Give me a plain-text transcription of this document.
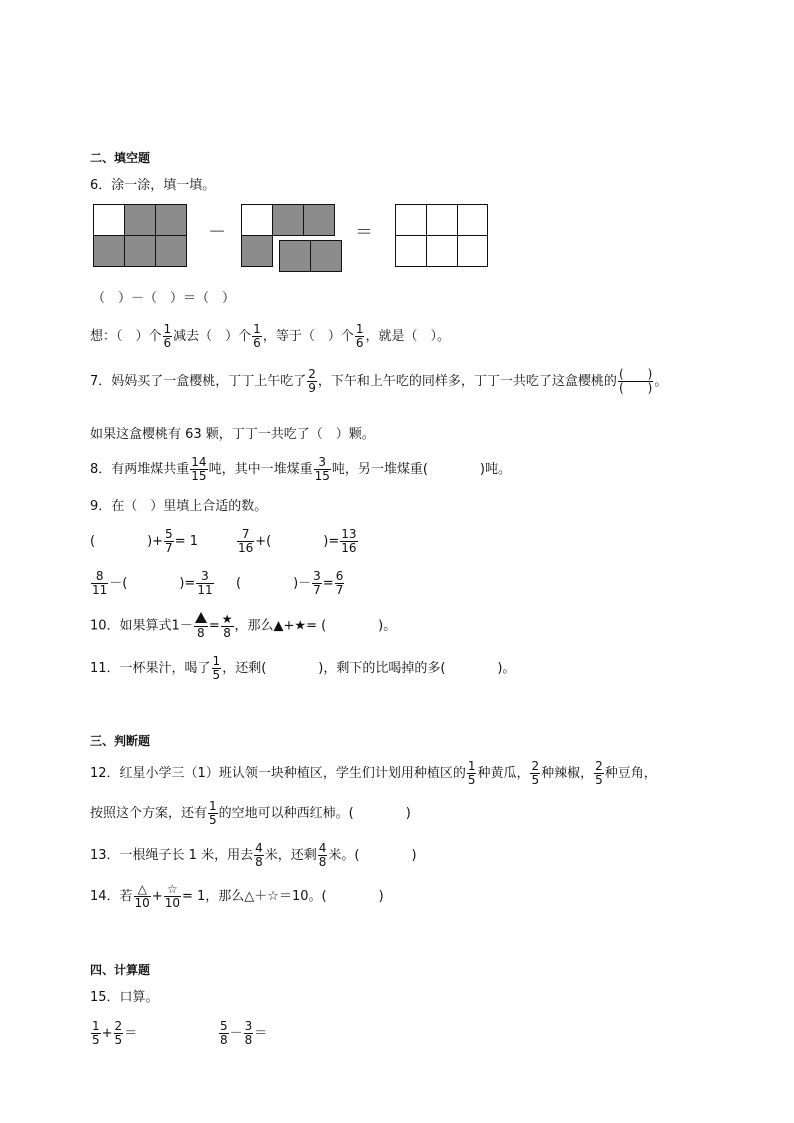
二、填空题
6．涂一涂，填一填。
－	＝
（　）－（　）＝（　）
想：（　）个 $\frac{1}{6}$ 减去（　）个 $\frac{1}{6}$ ，等于（　）个 $\frac{1}{6}$ ，就是（　）。
7．妈妈买了一盒樱桃，丁丁上午吃了 $\frac{2}{9}$ ，下午和上午吃的同样多，丁丁一共吃了这盒樱桃的 $\frac{( )}{( )}$ 。
如果这盒樱桃有 63 颗，丁丁一共吃了（　）颗。
8．有两堆煤共重 $\frac{14}{15}$ 吨，其中一堆煤重 $\frac{3}{15}$ 吨，另一堆煤重(　　　　)吨。
9．在（　）里填上合适的数。
(　　　　)+ $\frac{5}{7} = 1$	$\frac{7}{16}$ +(　　　　)= $\frac{13}{16}$
$\frac{8}{11}$ －(　　　　)= $\frac{3}{11}$ (　　　　)－ $\frac{3}{7} = \frac{6}{7}$
10．如果算式$1- 8 = \frac{★}{8}$ ，那么▲+★= (　　　　)。
11．一杯果汁，喝了 $\frac{1}{5}$ ，还剩(　　　　)，剩下的比喝掉的多(　　　　)。
三、判断题
12．红星小学三（1）班认领一块种植区，学生们计划用种植区的 $\frac{1}{5}$ 种黄瓜， $\frac{2}{5}$ 种辣椒， $\frac{2}{5}$ 种豆角，
按照这个方案，还有 $\frac{1}{5}$ 的空地可以种西红柿。(　　　　)
13．一根绳子长 1 米，用去 $\frac{4}{8}$ 米，还剩 $\frac{4}{8}$ 米。(　　　　)
14．若 $\frac{\triangle}{10} + \frac{☆}{10} = 1$，那么△＋☆＝10。(　　　　)
四、计算题
15．口算。
$\frac{1}{5} + \frac{2}{5}$ ＝	$\frac{5}{8} - \frac{3}{8}$ ＝
